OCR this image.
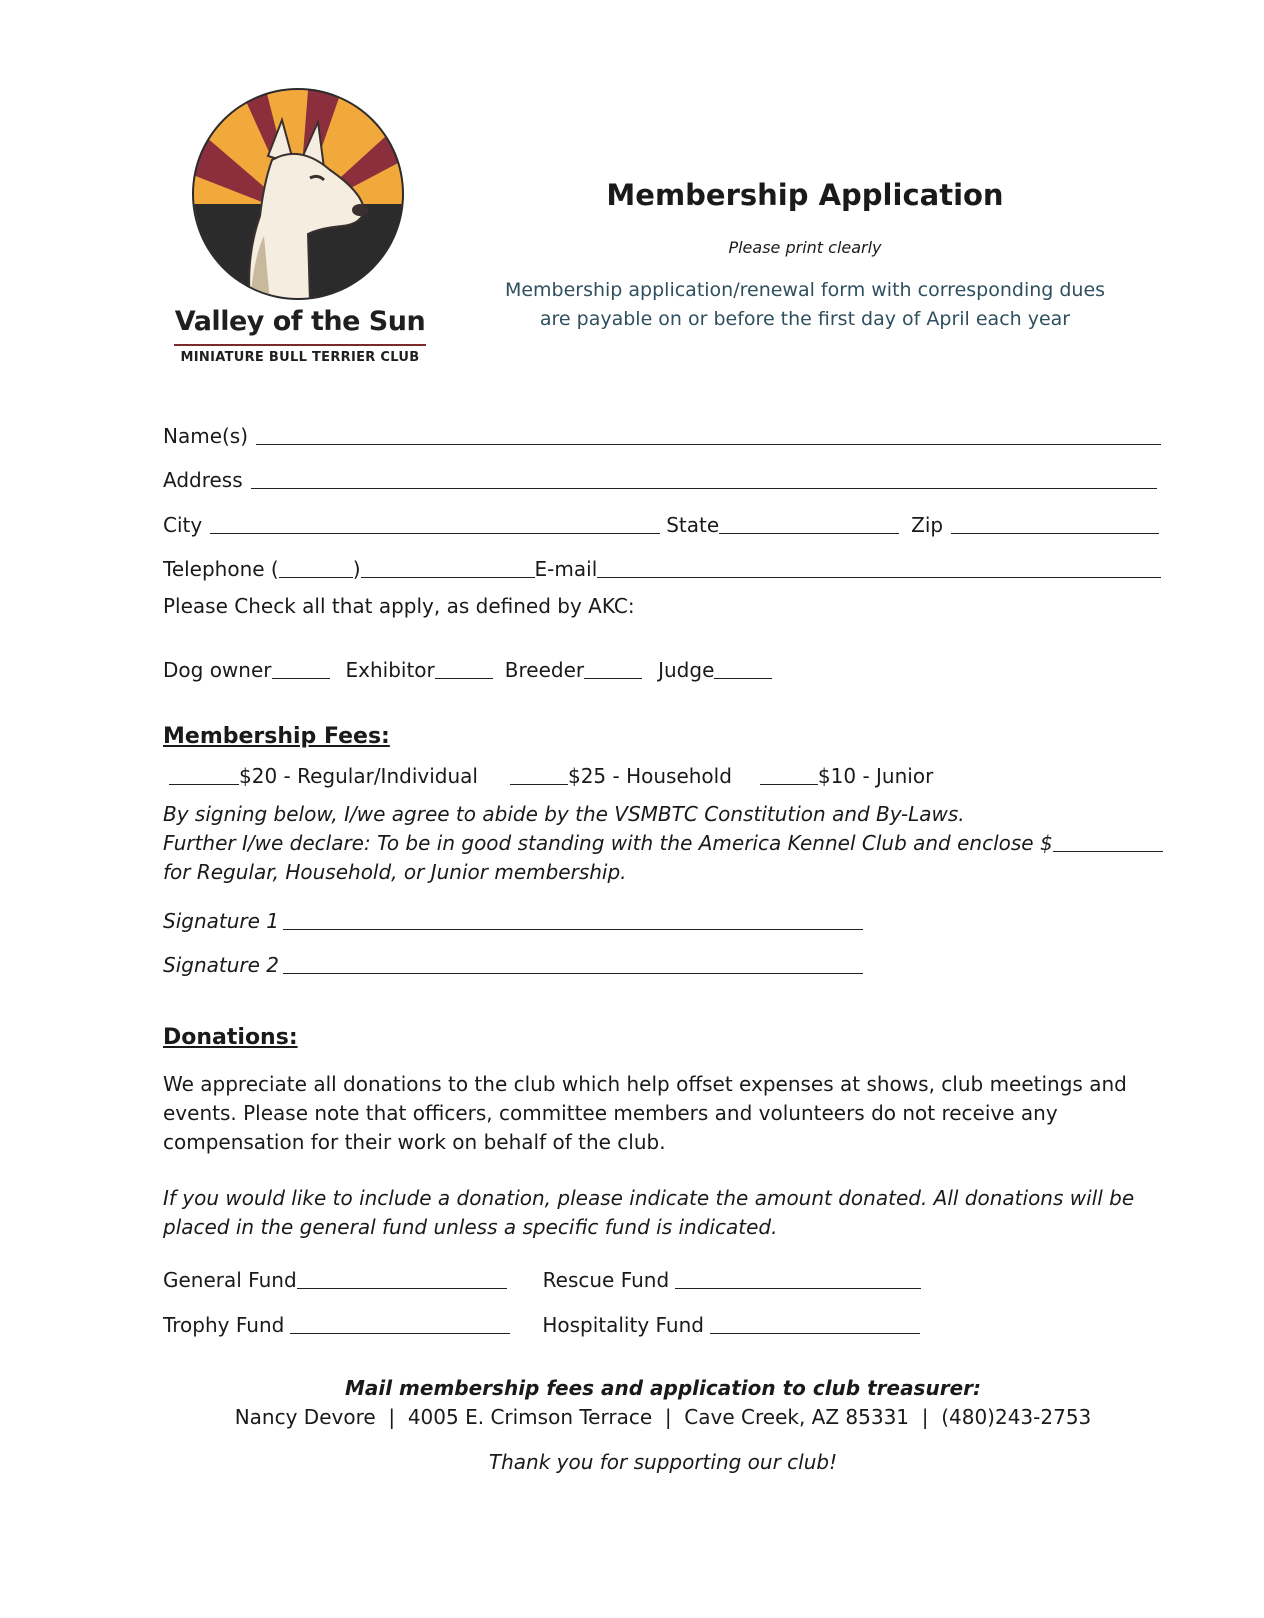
Valley of the Sun
MINIATURE BULL TERRIER CLUB
Membership Application
Please print clearly
Membership application/renewal form with corresponding dues
are payable on or before the first day of April each year
Name(s)
Address
City	State	Zip
Telephone (	)	E-mail
Please Check all that apply, as defined by AKC:
Dog owner	Exhibitor	Breeder	Judge
Membership Fees:
$20 - Regular/Individual	$25 - Household	$10 - Junior
By signing below, I/we agree to abide by the VSMBTC Constitution and By-Laws.
Further I/we declare: To be in good standing with the America Kennel Club and enclose $
for Regular, Household, or Junior membership.
Signature 1
Signature 2
Donations:
We appreciate all donations to the club which help offset expenses at shows, club meetings and
events. Please note that officers, committee members and volunteers do not receive any
compensation for their work on behalf of the club.
If you would like to include a donation, please indicate the amount donated. All donations will be
placed in the general fund unless a specific fund is indicated.
General Fund	Rescue Fund
Trophy Fund	Hospitality Fund
Mail membership fees and application to club treasurer:
Nancy Devore  |  4005 E. Crimson Terrace  |  Cave Creek, AZ 85331  |  (480)243-2753
Thank you for supporting our club!
